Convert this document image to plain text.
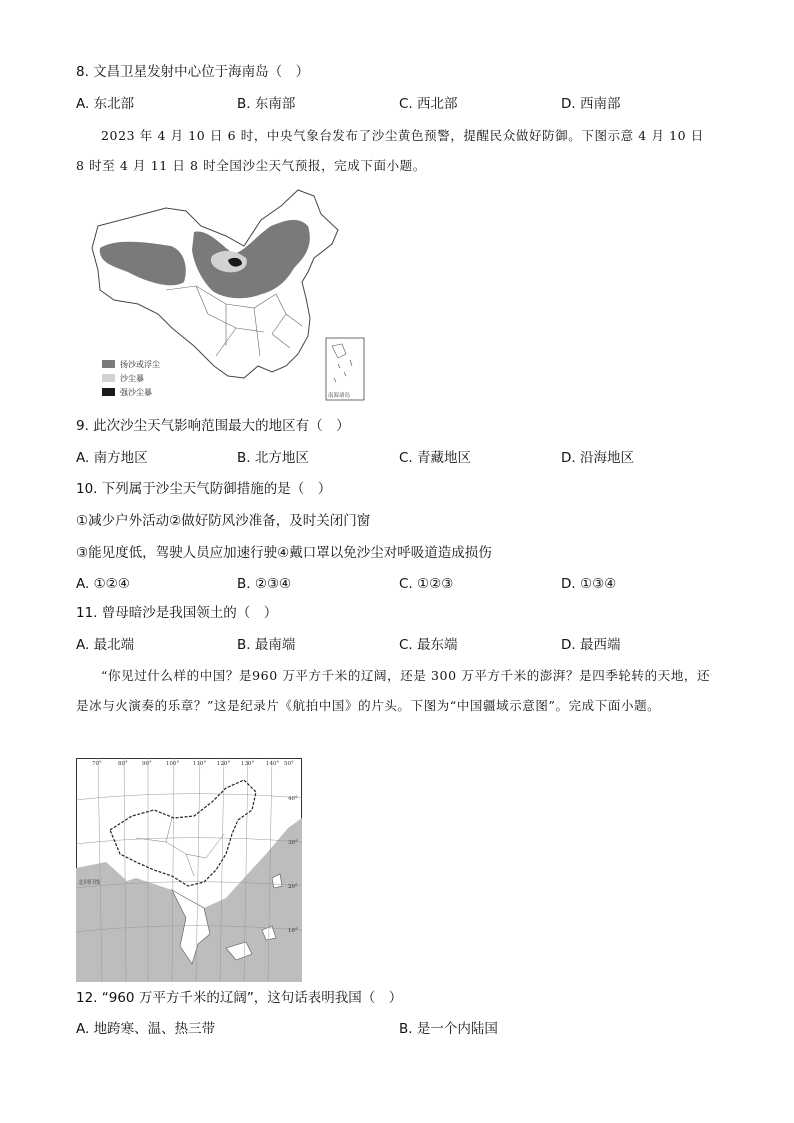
8. 文昌卫星发射中心位于海南岛（　）
A. 东北部	B. 东南部	C. 西北部	D. 西南部
2023 年 4 月 10 日 6 时，中央气象台发布了沙尘黄色预警，提醒民众做好防御。下图示意 4 月 10 日 8 时至 4 月 11 日 8 时全国沙尘天气预报，完成下面小题。
扬沙或浮尘
沙尘暴
强沙尘暴	南海诸岛
9. 此次沙尘天气影响范围最大的地区有（　）
A. 南方地区	B. 北方地区	C. 青藏地区	D. 沿海地区
10. 下列属于沙尘天气防御措施的是（　）
①减少户外活动②做好防风沙准备，及时关闭门窗
③能见度低，驾驶人员应加速行驶④戴口罩以免沙尘对呼吸道造成损伤
A. ①②④	B. ②③④	C. ①②③	D. ①③④
11. 曾母暗沙是我国领土的（　）
A. 最北端	B. 最南端	C. 最东端	D. 最西端
“你见过什么样的中国？是960 万平方千米的辽阔，还是 300 万平方千米的澎湃？是四季轮转的天地，还是冰与火演奏的乐章？”这是纪录片《航拍中国》的片头。下图为“中国疆域示意图”。完成下面小题。
70°	80°	90°	100°	110° 120° 130° 140° 50°
40°
30°
20°
10°
北回归线
12. “960 万平方千米的辽阔”，这句话表明我国（　）
A. 地跨寒、温、热三带	B. 是一个内陆国
